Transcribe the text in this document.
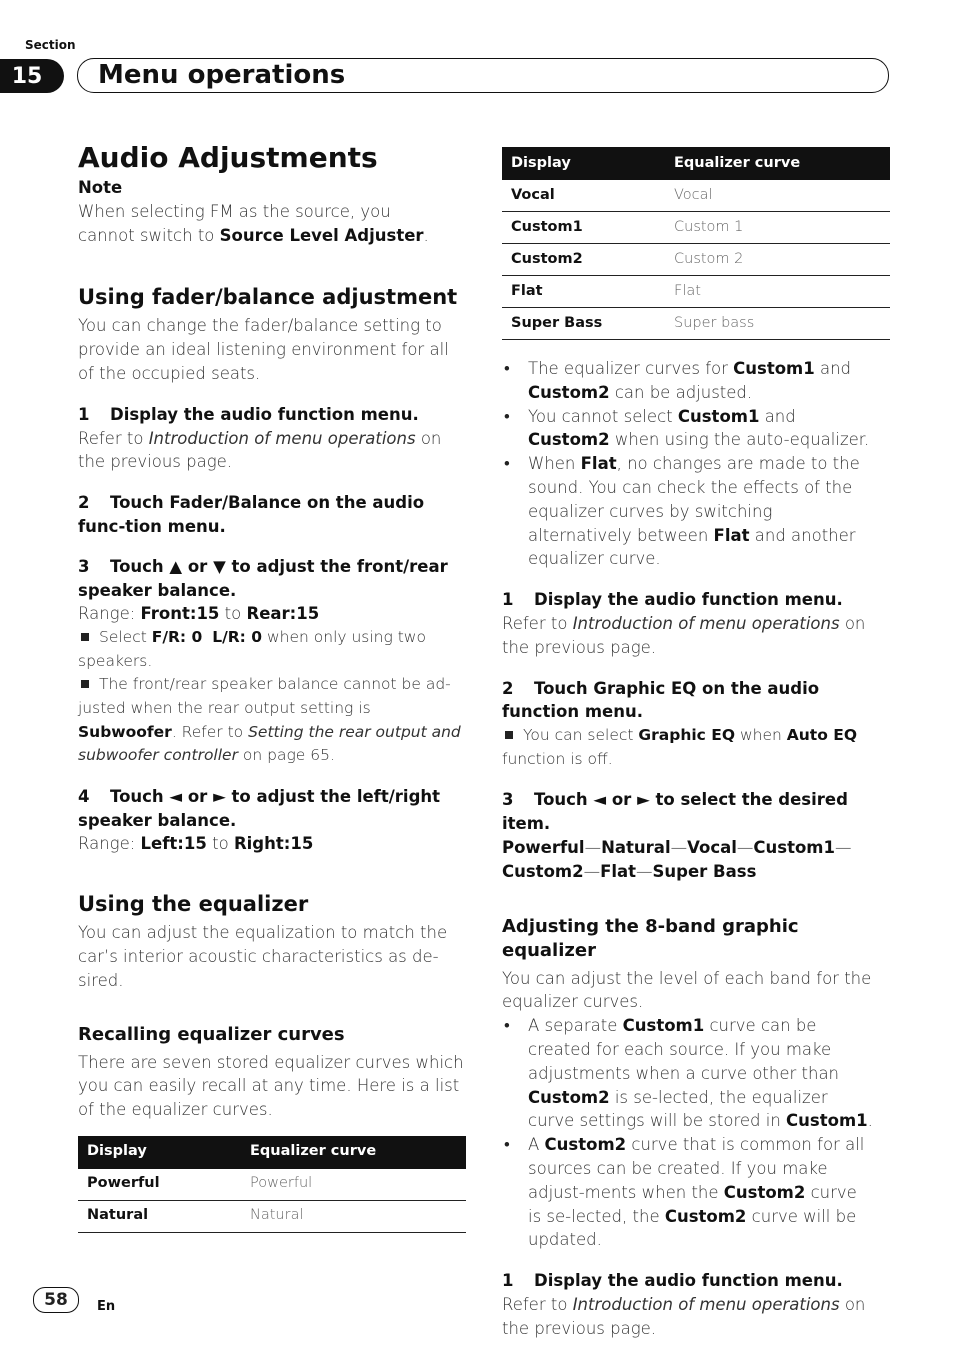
Section
15	Menu operations
Audio Adjustments
Note

When selecting FM as the source, you cannot switch to Source Level Adjuster.

Using fader/balance adjustment

You can change the fader/balance setting to provide an ideal listening environment for all of the occupied seats.

1 Display the audio function menu.

Refer to Introduction of menu operations on the previous page.

2 Touch Fader/Balance on the audio func-tion menu.
3 Touch ▲ or ▼ to adjust the front/rear speaker balance.

Range: Front:15 to Rear:15

Select F/R: 0 L/R: 0 when only using two speakers.

The front/rear speaker balance cannot be ad-justed when the rear output setting is Subwoofer. Refer to Setting the rear output and subwoofer controller on page 65.

4 Touch ◄ or ► to adjust the left/right speaker balance.

Range: Left:15 to Right:15

Using the equalizer

You can adjust the equalization to match the car’s interior acoustic characteristics as de-sired.

Recalling equalizer curves

There are seven stored equalizer curves which you can easily recall at any time. Here is a list of the equalizer curves.

Display	Equalizer curve
Powerful	Powerful
Natural	Natural
Display	Equalizer curve
Vocal	Vocal
Custom1	Custom 1
Custom2	Custom 2
Flat	Flat
Super Bass	Super bass
• The equalizer curves for Custom1 and Custom2 can be adjusted.
• You cannot select Custom1 and Custom2 when using the auto-equalizer.
• When Flat, no changes are made to the sound. You can check the effects of the equalizer curves by switching alternatively between Flat and another equalizer curve.
1 Display the audio function menu.

Refer to Introduction of menu operations on the previous page.

2 Touch Graphic EQ on the audio function menu.

You can select Graphic EQ when Auto EQ function is off.

3 Touch ◄ or ► to select the desired item.

Powerful—Natural—Vocal—Custom1—Custom2—Flat—Super Bass

Adjusting the 8-band graphic equalizer

You can adjust the level of each band for the equalizer curves.

• A separate Custom1 curve can be created for each source. If you make adjustments when a curve other than Custom2 is se-lected, the equalizer curve settings will be stored in Custom1.
• A Custom2 curve that is common for all sources can be created. If you make adjust-ments when the Custom2 curve is se-lected, the Custom2 curve will be updated.
1 Display the audio function menu.

Refer to Introduction of menu operations on the previous page.

58	En
